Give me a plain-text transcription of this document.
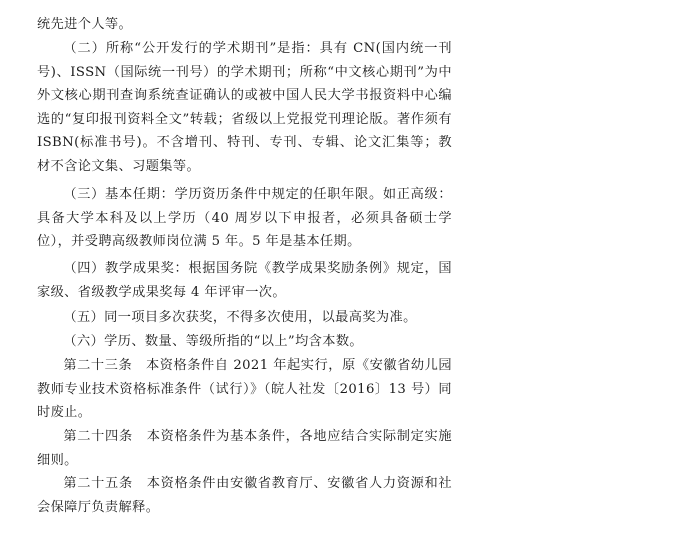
统先进个人等。

（二）所称“公开发行的学术期刊”是指：具有 CN(国内统一刊号)、ISSN（国际统一刊号）的学术期刊；所称“中文核心期刊”为中外文核心期刊查询系统查证确认的或被中国人民大学书报资料中心编选的“复印报刊资料全文”转载；省级以上党报党刊理论版。著作须有 ISBN(标准书号)。不含增刊、特刊、专刊、专辑、论文汇集等；教材不含论文集、习题集等。

（三）基本任期：学历资历条件中规定的任职年限。如正高级：具备大学本科及以上学历（40 周岁以下申报者，必须具备硕士学位），并受聘高级教师岗位满 5 年。5 年是基本任期。

（四）教学成果奖：根据国务院《教学成果奖励条例》规定，国家级、省级教学成果奖每 4 年评审一次。

（五）同一项目多次获奖，不得多次使用，以最高奖为准。

（六）学历、数量、等级所指的“以上”均含本数。

第二十三条　本资格条件自 2021 年起实行，原《安徽省幼儿园教师专业技术资格标准条件（试行）》（皖人社发〔2016〕13 号）同时废止。

第二十四条　本资格条件为基本条件，各地应结合实际制定实施细则。

第二十五条　本资格条件由安徽省教育厅、安徽省人力资源和社会保障厅负责解释。
